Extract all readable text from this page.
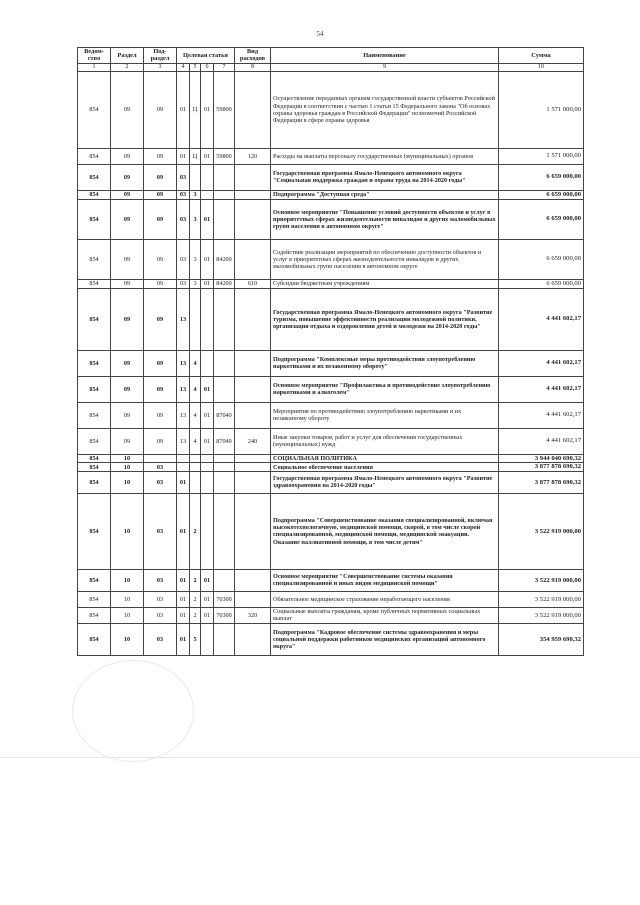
54
Ведом-ство	Раздел	Под-раздел	Целевая статья				Вид расходов	Наименование	Сумма
1	2	3	4	5	6	7	8	9	10
854	09	09	01	Ц	01	59800		Осуществление переданных органам государственной власти субъектов Российской Федерации в соответствии с частью 1 статьи 15 Федерального закона "Об основах охраны здоровья граждан в Российской Федерации" полномочий Российской Федерации в сфере охраны здоровья	1 571 000,00
854	09	09	01	Ц	01	59800	120	Расходы на выплаты персоналу государственных (муниципальных) органов	1 571 000,00
854	09	09	03					Государственная программа Ямало-Ненецкого автономного округа "Социальная поддержка граждан и охрана труда на 2014-2020 годы"	6 659 000,00
854	09	09	03	3				Подпрограмма "Доступная среда"	6 659 000,00
854	09	09	03	3	01			Основное мероприятие "Повышение условий доступности объектов и услуг в приоритетных сферах жизнедеятельности инвалидов и других маломобильных групп населения в автономном округе"	6 659 000,00
854	09	09	03	3	01	84200		Содействие реализации мероприятий по обеспечению доступности объектов и услуг в приоритетных сферах жизнедеятельности инвалидов и других маломобильных групп населения в автономном округе	6 659 000,00
854	09	09	03	3	01	84200	610	Субсидии бюджетным учреждениям	6 659 000,00
854	09	09	13					Государственная программа Ямало-Ненецкого автономного округа "Развитие туризма, повышение эффективности реализации молодежной политики, организация отдыха и оздоровления детей и молодежи на 2014-2020 годы"	4 441 602,17
854	09	09	13	4				Подпрограмма "Комплексные меры противодействия злоупотреблению наркотиками и их незаконному обороту"	4 441 602,17
854	09	09	13	4	01			Основное мероприятие "Профилактика и противодействие злоупотреблению наркотиками и алкоголем"	4 441 602,17
854	09	09	13	4	01	87040		Мероприятия по противодействию злоупотреблению наркотиками и их незаконному обороту	4 441 602,17
854	09	09	13	4	01	87040	240	Иные закупки товаров, работ и услуг для обеспечения государственных (муниципальных) нужд	4 441 602,17
854	10							СОЦИАЛЬНАЯ ПОЛИТИКА	3 944 040 690,32
854	10	03						Социальное обеспечение населения	3 877 878 690,32
854	10	03	01					Государственная программа Ямало-Ненецкого автономного округа "Развитие здравоохранения на 2014-2020 годы"	3 877 878 690,32
854	10	03	01	2				Подпрограмма "Совершенствование оказания специализированной, включая высокотехнологичную, медицинской помощи, скорой, в том числе скорой специализированной, медицинской помощи, медицинской эвакуации. Оказание паллиативной помощи, в том числе детям"	3 522 919 000,00
854	10	03	01	2	01			Основное мероприятие "Совершенствование системы оказания специализированной и иных видов медицинской помощи"	3 522 919 000,00
854	10	03	01	2	01	70300		Обязательное медицинское страхование неработающего населения	3 522 919 000,00
854	10	03	01	2	01	70300	320	Социальные выплаты гражданам, кроме публичных нормативных социальных выплат	3 522 919 000,00
854	10	03	01	5				Подпрограмма "Кадровое обеспечение системы здравоохранения и меры социальной поддержки работников медицинских организаций автономного округа"	354 959 690,32
